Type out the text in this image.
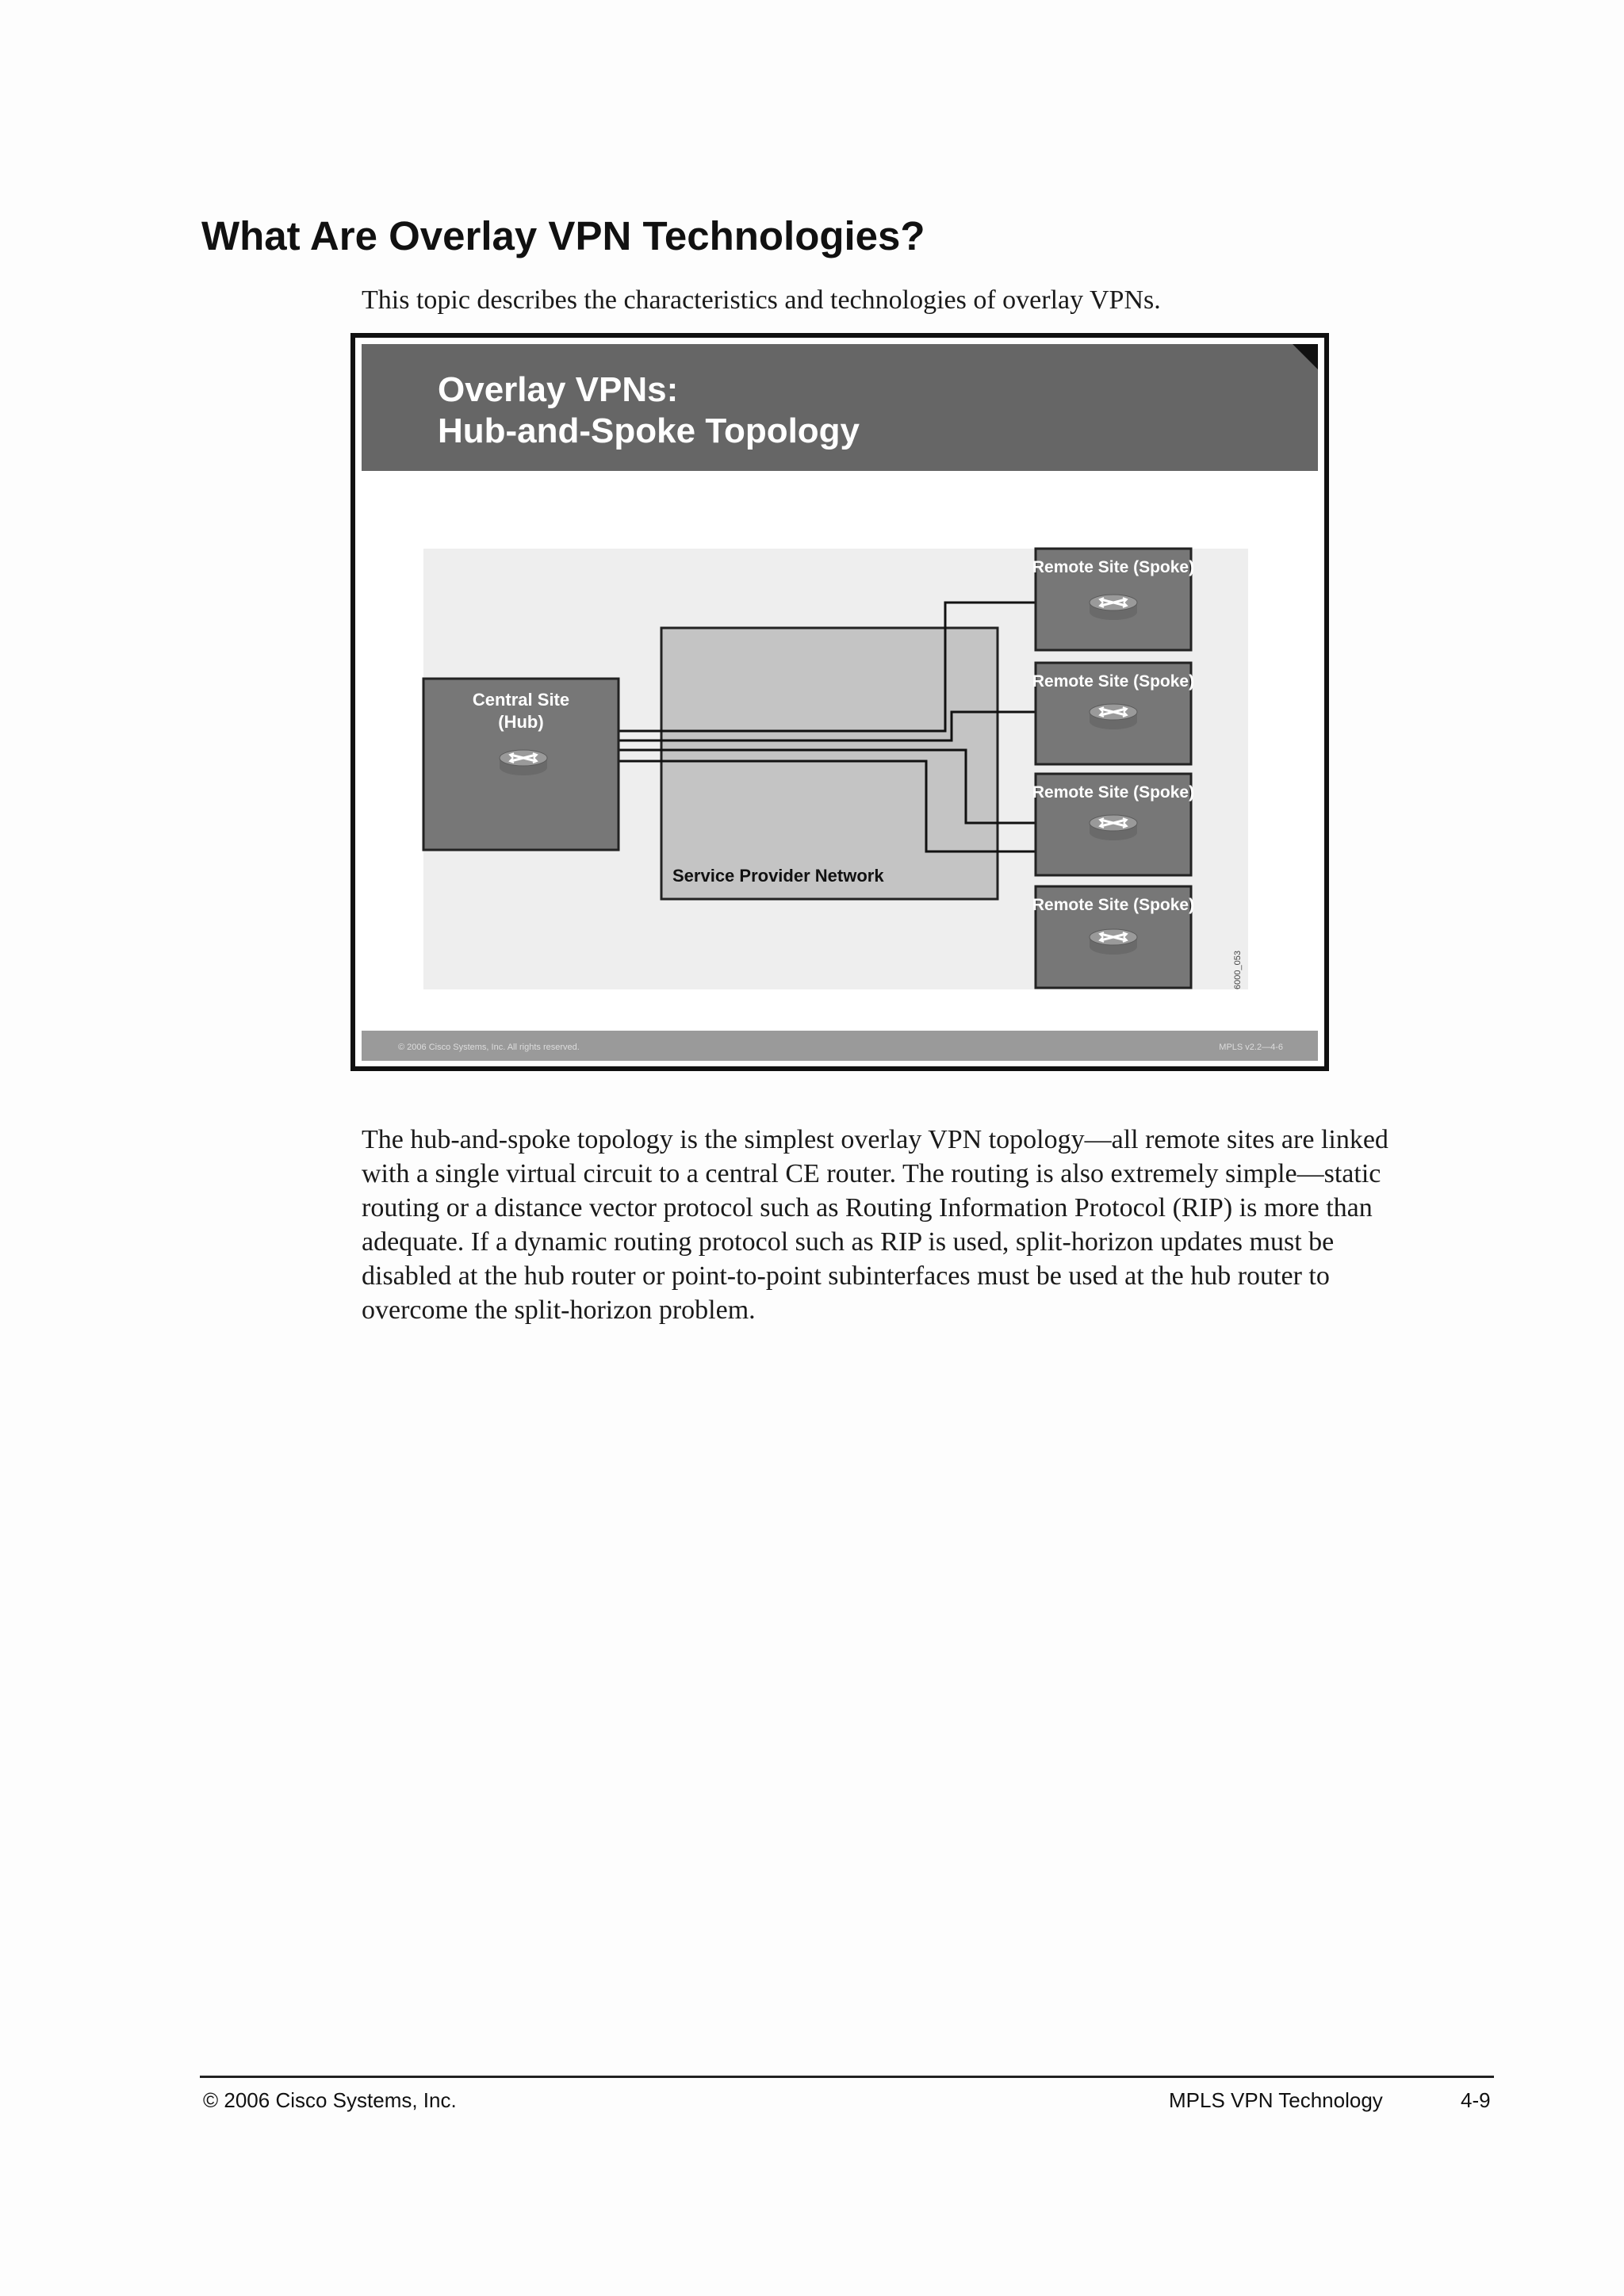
What Are Overlay VPN Technologies?

This topic describes the characteristics and technologies of overlay VPNs.

Overlay VPNs:
Hub-and-Spoke Topology
Service Provider Network
Central Site
(Hub)
Remote Site (Spoke)
Remote Site (Spoke)
Remote Site (Spoke)
Remote Site (Spoke)
6000_053
© 2006 Cisco Systems, Inc. All rights reserved.	MPLS v2.2—4-6
The hub-and-spoke topology is the simplest overlay VPN topology—all remote sites are linked
with a single virtual circuit to a central CE router. The routing is also extremely simple—static
routing or a distance vector protocol such as Routing Information Protocol (RIP) is more than
adequate. If a dynamic routing protocol such as RIP is used, split-horizon updates must be
disabled at the hub router or point-to-point subinterfaces must be used at the hub router to
overcome the split-horizon problem.

© 2006 Cisco Systems, Inc.	MPLS VPN Technology	4-9
